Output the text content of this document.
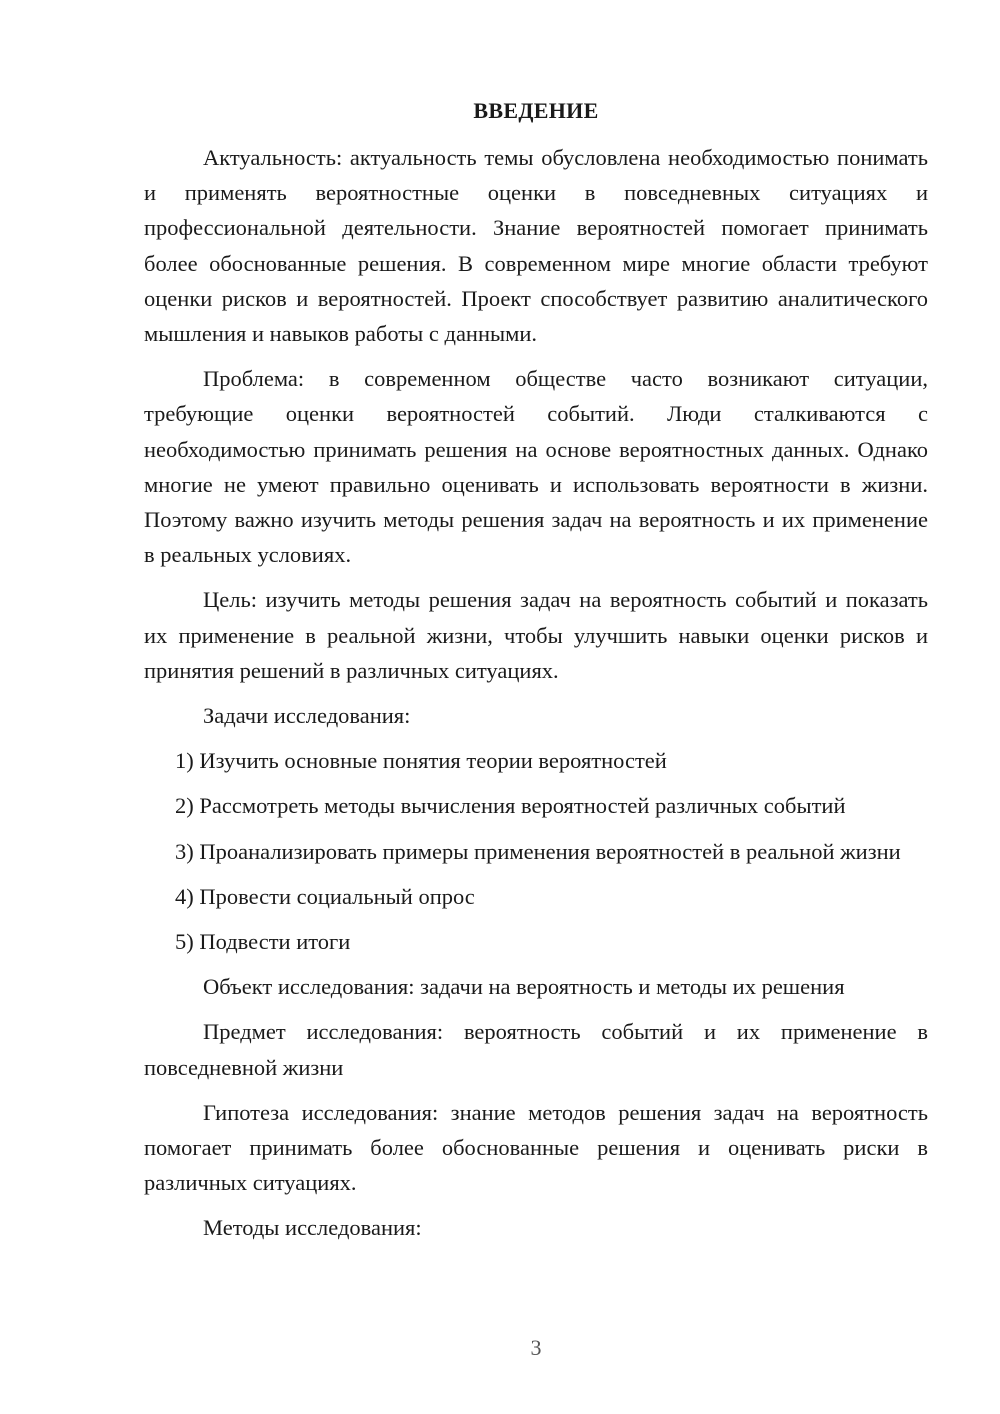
ВВЕДЕНИЕ

Актуальность: актуальность темы обусловлена необходимостью понимать и применять вероятностные оценки в повседневных ситуациях и профессиональной деятельности. Знание вероятностей помогает принимать более обоснованные решения. В современном мире многие области требуют оценки рисков и вероятностей. Проект способствует развитию аналитического мышления и навыков работы с данными.

Проблема: в современном обществе часто возникают ситуации, требующие оценки вероятностей событий. Люди сталкиваются с необходимостью принимать решения на основе вероятностных данных. Однако многие не умеют правильно оценивать и использовать вероятности в жизни. Поэтому важно изучить методы решения задач на вероятность и их применение в реальных условиях.

Цель: изучить методы решения задач на вероятность событий и показать их применение в реальной жизни, чтобы улучшить навыки оценки рисков и принятия решений в различных ситуациях.

Задачи исследования:

1) Изучить основные понятия теории вероятностей

2) Рассмотреть методы вычисления вероятностей различных событий

3) Проанализировать примеры применения вероятностей в реальной жизни

4) Провести социальный опрос

5) Подвести итоги

Объект исследования: задачи на вероятность и методы их решения

Предмет исследования: вероятность событий и их применение в повседневной жизни

Гипотеза исследования: знание методов решения задач на вероятность помогает принимать более обоснованные решения и оценивать риски в различных ситуациях.

Методы исследования:

3
